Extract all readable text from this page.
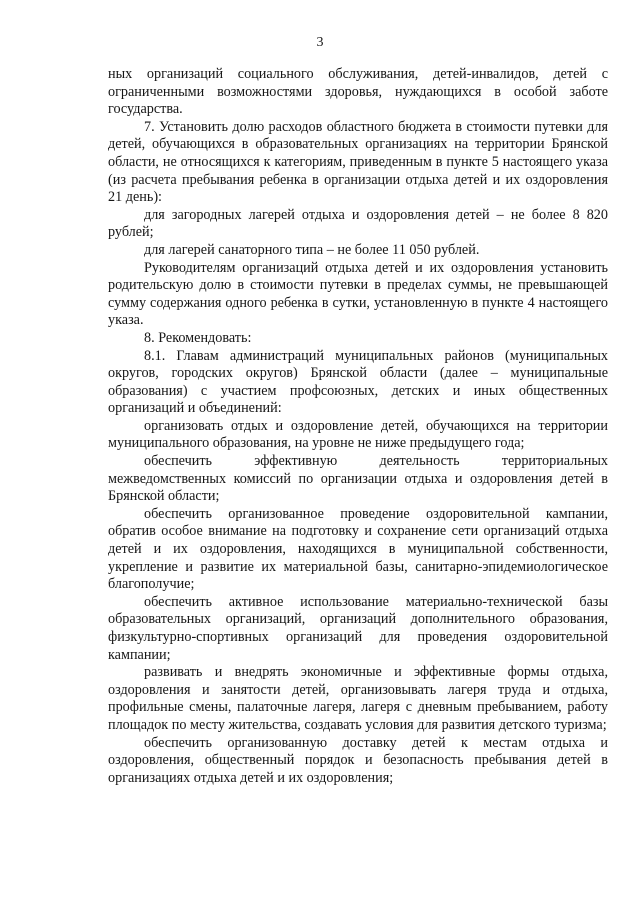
3

ных организаций социального обслуживания, детей-инвалидов, детей с ограниченными возможностями здоровья, нуждающихся в особой заботе государства.

7. Установить долю расходов областного бюджета в стоимости путевки для детей, обучающихся в образовательных организациях на территории Брянской области, не относящихся к категориям, приведенным в пункте 5 настоящего указа (из расчета пребывания ребенка в организации отдыха детей и их оздоровления 21 день):

для загородных лагерей отдыха и оздоровления детей – не более 8 820 рублей;

для лагерей санаторного типа – не более 11 050 рублей.

Руководителям организаций отдыха детей и их оздоровления установить родительскую долю в стоимости путевки в пределах суммы, не превышающей сумму содержания одного ребенка в сутки, установленную в пункте 4 настоящего указа.

8. Рекомендовать:

8.1. Главам администраций муниципальных районов (муниципальных округов, городских округов) Брянской области (далее – муниципальные образования) с участием профсоюзных, детских и иных общественных организаций и объединений:

организовать отдых и оздоровление детей, обучающихся на территории муниципального образования, на уровне не ниже предыдущего года;

обеспечить эффективную деятельность территориальных межведомственных комиссий по организации отдыха и оздоровления детей в Брянской области;

обеспечить организованное проведение оздоровительной кампании, обратив особое внимание на подготовку и сохранение сети организаций отдыха детей и их оздоровления, находящихся в муниципальной собственности, укрепление и развитие их материальной базы, санитарно-эпидемиологическое благополучие;

обеспечить активное использование материально-технической базы образовательных организаций, организаций дополнительного образования, физкультурно-спортивных организаций для проведения оздоровительной кампании;

развивать и внедрять экономичные и эффективные формы отдыха, оздоровления и занятости детей, организовывать лагеря труда и отдыха, профильные смены, палаточные лагеря, лагеря с дневным пребыванием, работу площадок по месту жительства, создавать условия для развития детского туризма;

обеспечить организованную доставку детей к местам отдыха и оздоровления, общественный порядок и безопасность пребывания детей в организациях отдыха детей и их оздоровления;
